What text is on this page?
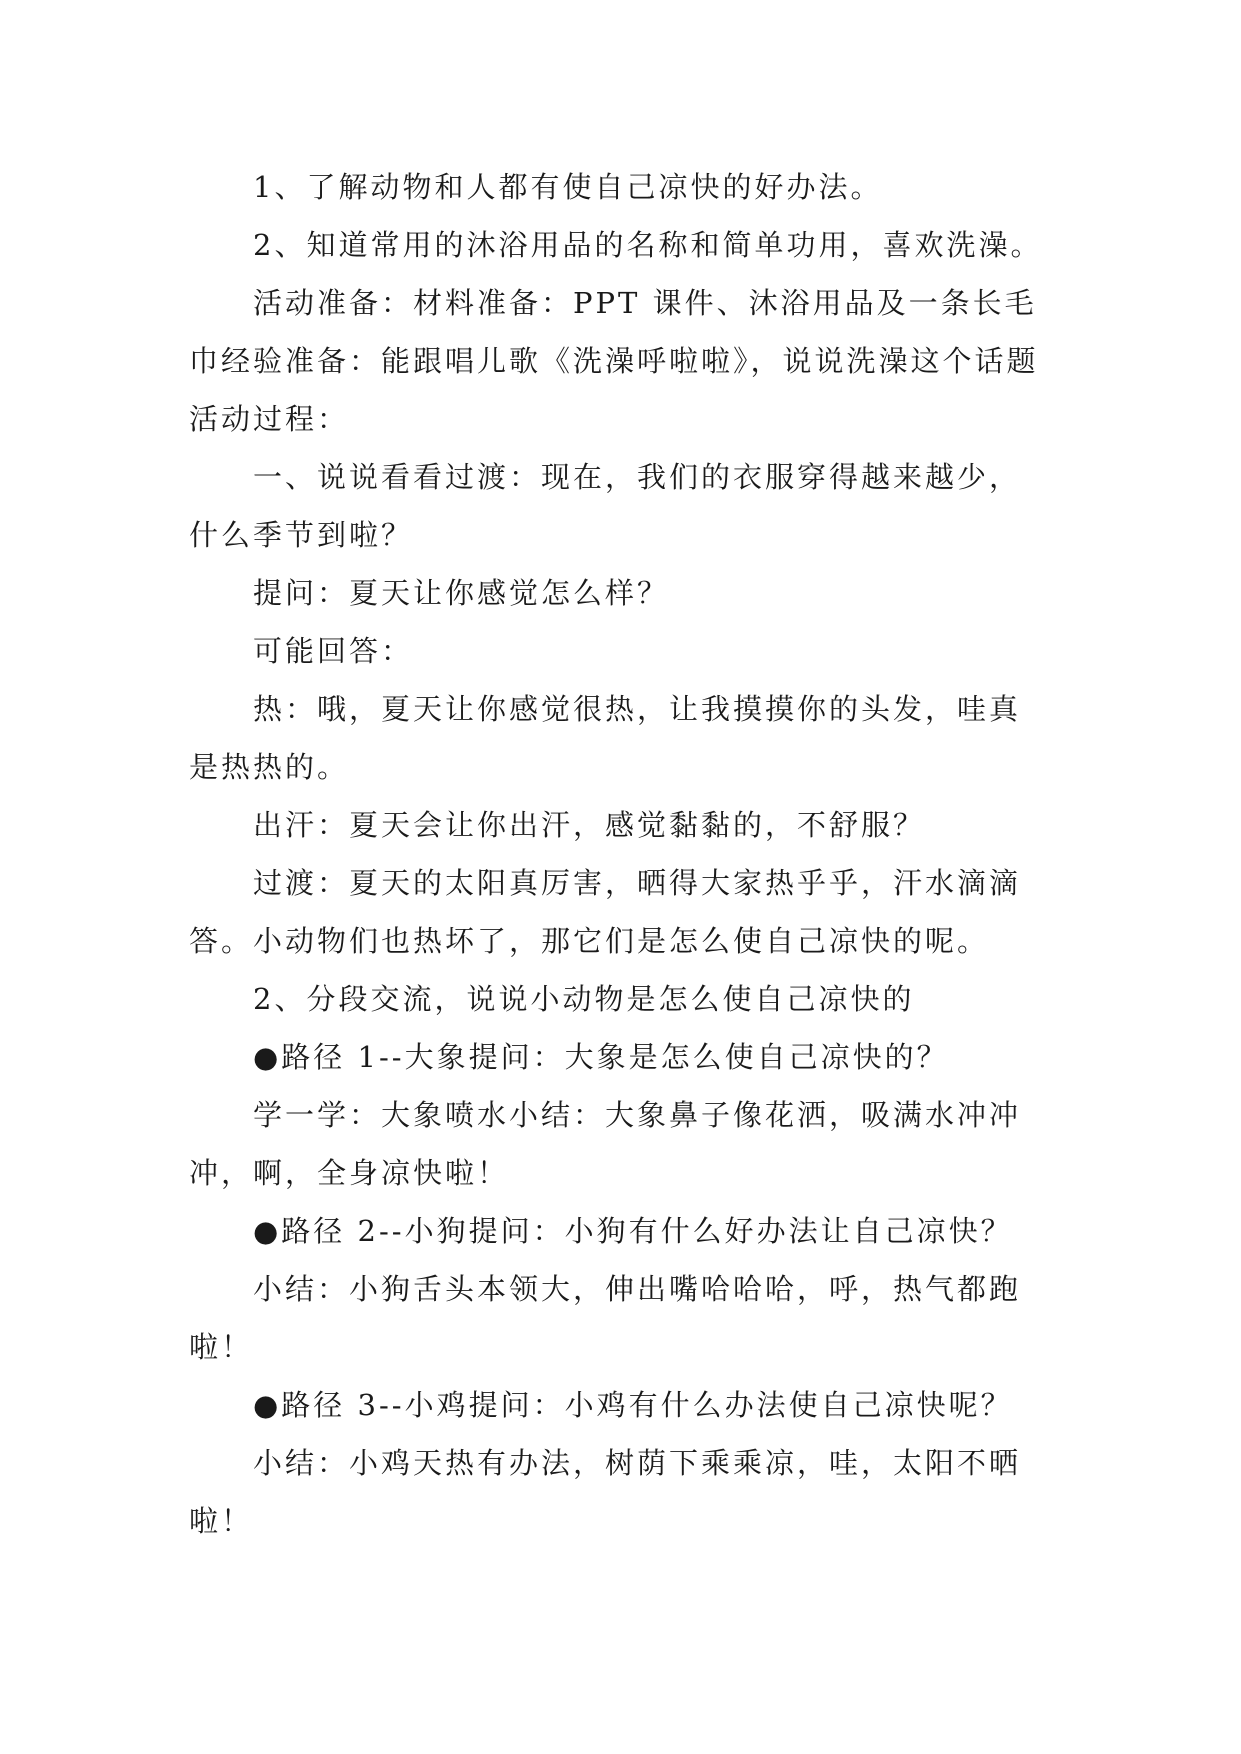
1、了解动物和人都有使自己凉快的好办法。

2、知道常用的沐浴用品的名称和简单功用，喜欢洗澡。

活动准备：材料准备：PPT 课件、沐浴用品及一条长毛巾经验准备：能跟唱儿歌《洗澡呼啦啦》，说说洗澡这个话题活动过程：

一、说说看看过渡：现在，我们的衣服穿得越来越少，什么季节到啦？

提问：夏天让你感觉怎么样？

可能回答：

热：哦，夏天让你感觉很热，让我摸摸你的头发，哇真是热热的。

出汗：夏天会让你出汗，感觉黏黏的，不舒服？

过渡：夏天的太阳真厉害，晒得大家热乎乎，汗水滴滴答。小动物们也热坏了，那它们是怎么使自己凉快的呢。

2、分段交流，说说小动物是怎么使自己凉快的

●路径 1--大象提问：大象是怎么使自己凉快的？

学一学：大象喷水小结：大象鼻子像花洒，吸满水冲冲冲，啊，全身凉快啦！

●路径 2--小狗提问：小狗有什么好办法让自己凉快？

小结：小狗舌头本领大，伸出嘴哈哈哈，呼，热气都跑啦！

●路径 3--小鸡提问：小鸡有什么办法使自己凉快呢？

小结：小鸡天热有办法，树荫下乘乘凉，哇，太阳不晒啦！
